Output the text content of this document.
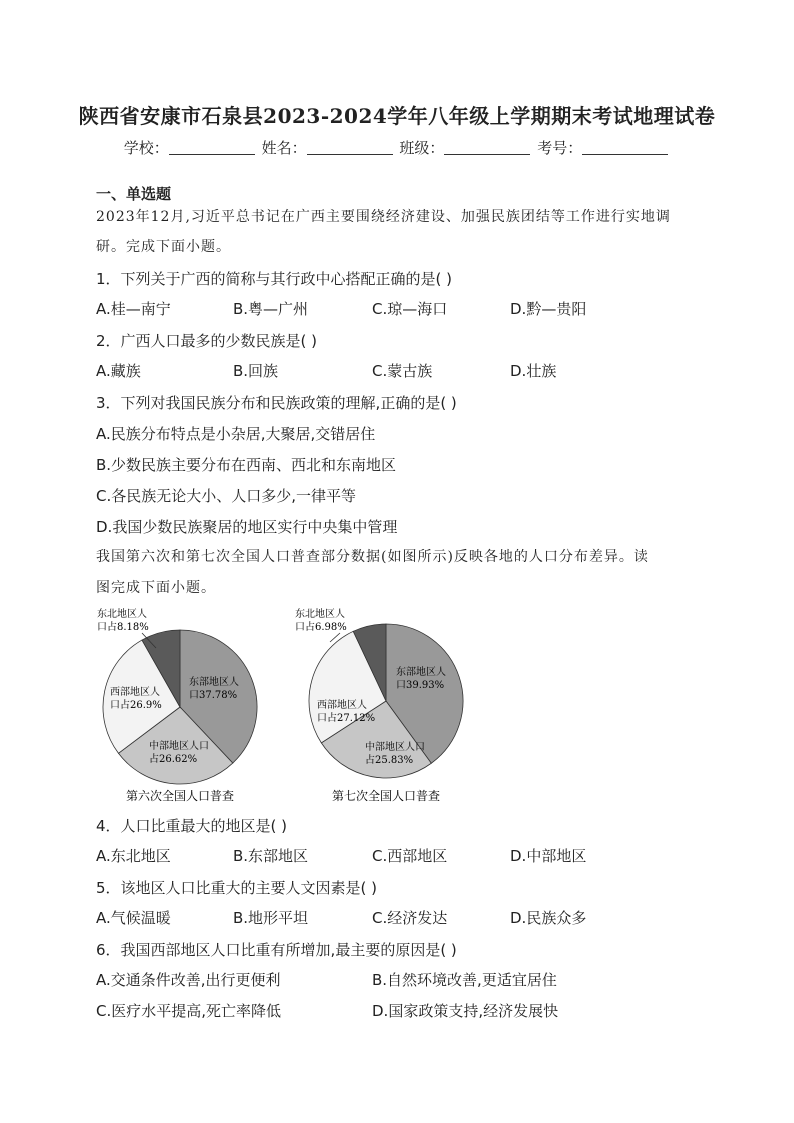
陕西省安康市石泉县2023-2024学年八年级上学期期末考试地理试卷
学校：	姓名：	班级：	考号：
一、单选题
2023年12月,习近平总书记在广西主要围绕经济建设、加强民族团结等工作进行实地调
研。完成下面小题。
1．下列关于广西的简称与其行政中心搭配正确的是( )
A.桂—南宁	B.粤—广州	C.琼—海口	D.黔—贵阳
2．广西人口最多的少数民族是( )
A.藏族	B.回族	C.蒙古族	D.壮族
3．下列对我国民族分布和民族政策的理解,正确的是( )
A.民族分布特点是小杂居,大聚居,交错居住
B.少数民族主要分布在西南、西北和东南地区
C.各民族无论大小、人口多少,一律平等
D.我国少数民族聚居的地区实行中央集中管理
我国第六次和第七次全国人口普查部分数据(如图所示)反映各地的人口分布差异。读
图完成下面小题。
东北地区人
口占8.18%
东部地区人
口37.78%
西部地区人
口占26.9%
中部地区人口
占26.62%
第六次全国人口普查
东北地区人
口占6.98%
东部地区人
口39.93%
西部地区人
口占27.12%
中部地区人口
占25.83%
第七次全国人口普查
4．人口比重最大的地区是( )
A.东北地区	B.东部地区	C.西部地区	D.中部地区
5．该地区人口比重大的主要人文因素是( )
A.气候温暖	B.地形平坦	C.经济发达	D.民族众多
6．我国西部地区人口比重有所增加,最主要的原因是( )
A.交通条件改善,出行更便利	B.自然环境改善,更适宜居住
C.医疗水平提高,死亡率降低	D.国家政策支持,经济发展快
